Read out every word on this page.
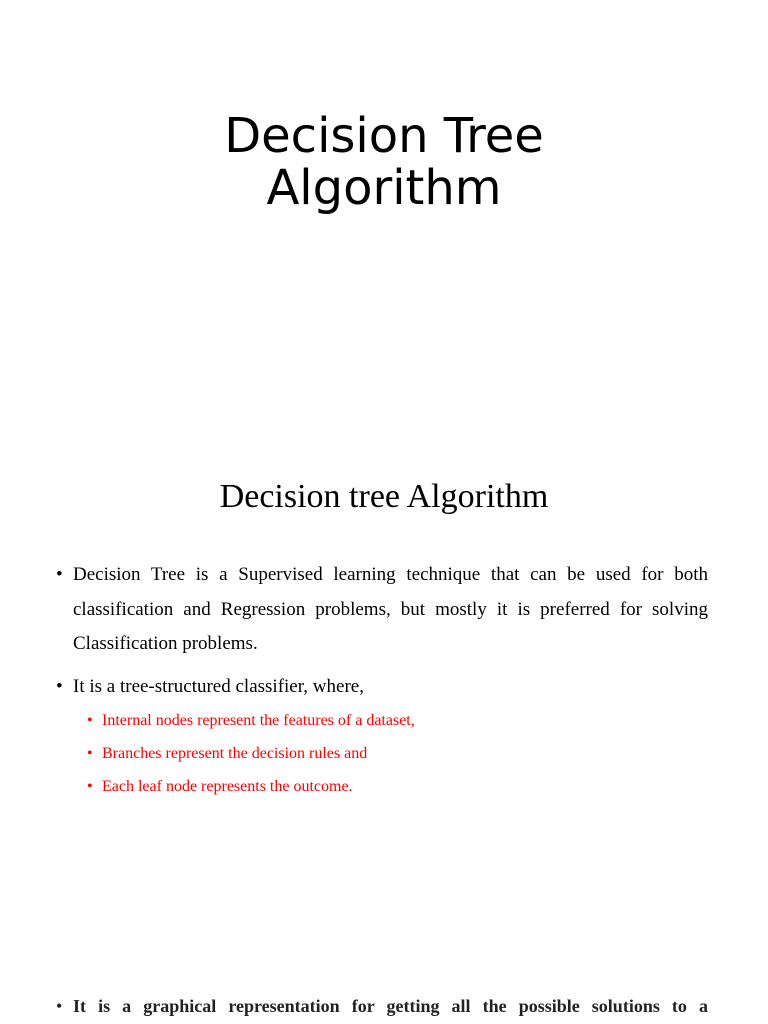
Decision Tree
Algorithm
Decision tree Algorithm
• Decision Tree is a Supervised learning technique that can be used for both classification and Regression problems, but mostly it is preferred for solving Classification problems.
• It is a tree-structured classifier, where,
• Internal nodes represent the features of a dataset,
• Branches represent the decision rules and
• Each leaf node represents the outcome.
• It is a graphical representation for getting all the possible solutions to a
